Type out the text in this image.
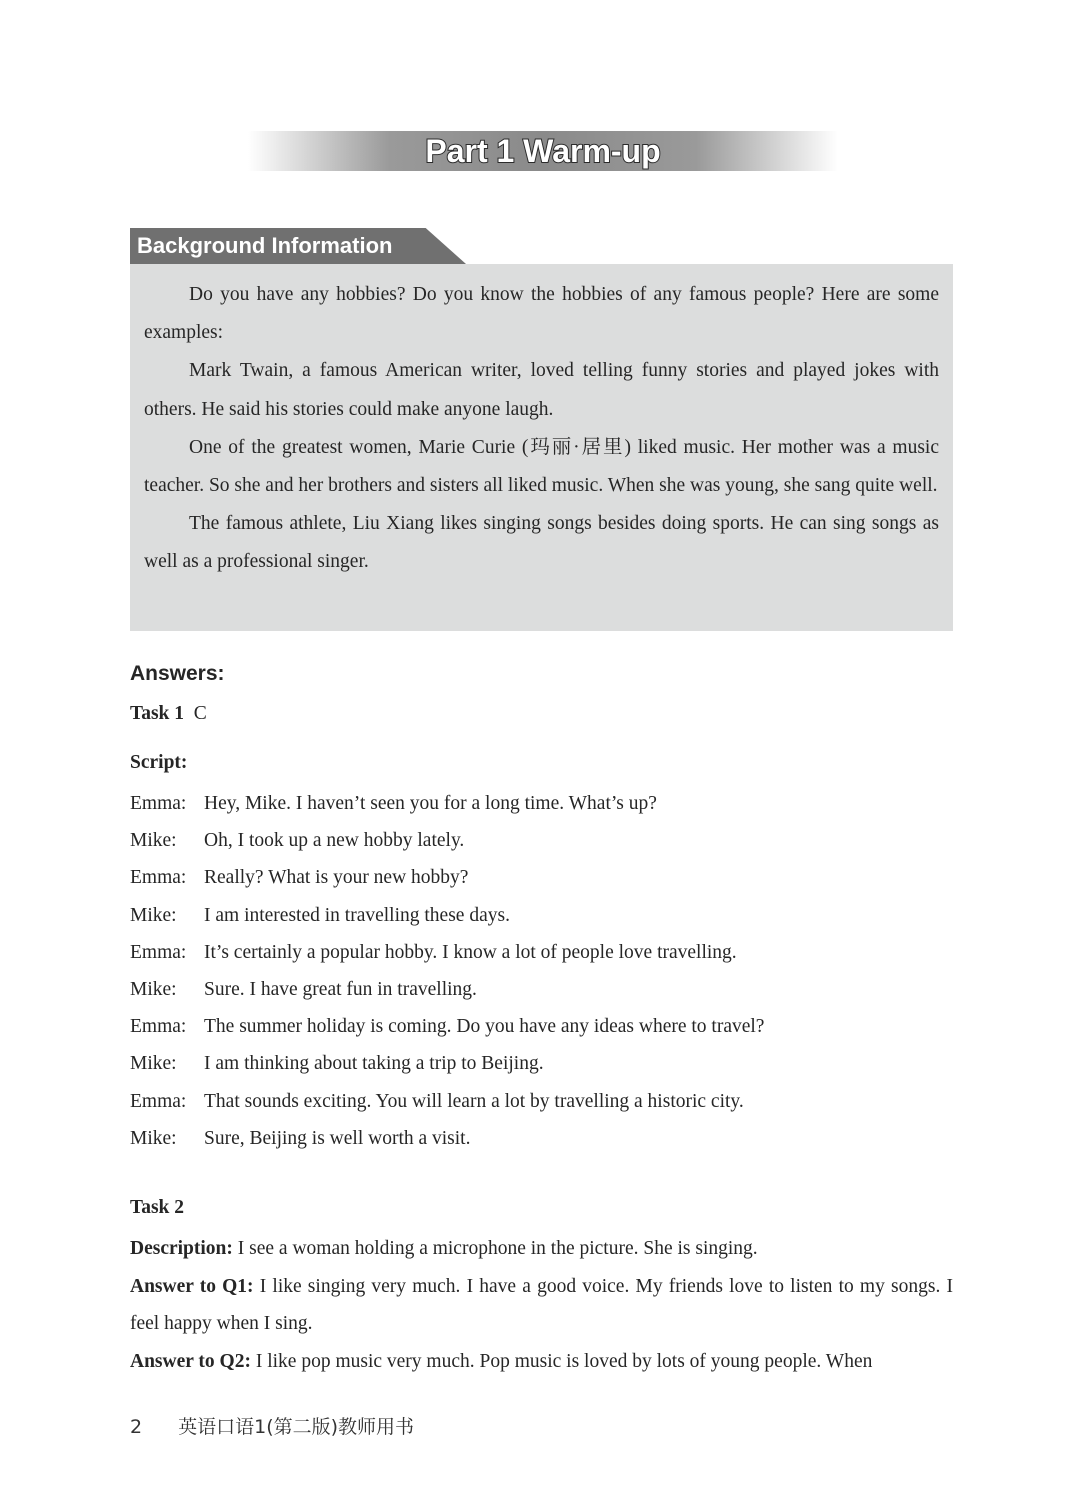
Part 1 Warm-up
Background Information

Do you have any hobbies? Do you know the hobbies of any famous people? Here are some examples:

Mark Twain, a famous American writer, loved telling funny stories and played jokes with others. He said his stories could make anyone laugh.

One of the greatest women, Marie Curie (玛丽·居里) liked music. Her mother was a music teacher. So she and her brothers and sisters all liked music. When she was young, she sang quite well.

The famous athlete, Liu Xiang likes singing songs besides doing sports. He can sing songs as well as a professional singer.

Answers:
Task 1 C
Script:
Emma: Hey, Mike. I haven’t seen you for a long time. What’s up?
Mike:	Oh, I took up a new hobby lately.
Emma: Really? What is your new hobby?
Mike:	I am interested in travelling these days.
Emma: It’s certainly a popular hobby. I know a lot of people love travelling.
Mike:	Sure. I have great fun in travelling.
Emma: The summer holiday is coming. Do you have any ideas where to travel?
Mike:	I am thinking about taking a trip to Beijing.
Emma: That sounds exciting. You will learn a lot by travelling a historic city.
Mike:	Sure, Beijing is well worth a visit.
Task 2

Description: I see a woman holding a microphone in the picture. She is singing.

Answer to Q1: I like singing very much. I have a good voice. My friends love to listen to my songs. I feel happy when I sing.

Answer to Q2: I like pop music very much. Pop music is loved by lots of young people. When

2 英语口语1(第二版)教师用书
